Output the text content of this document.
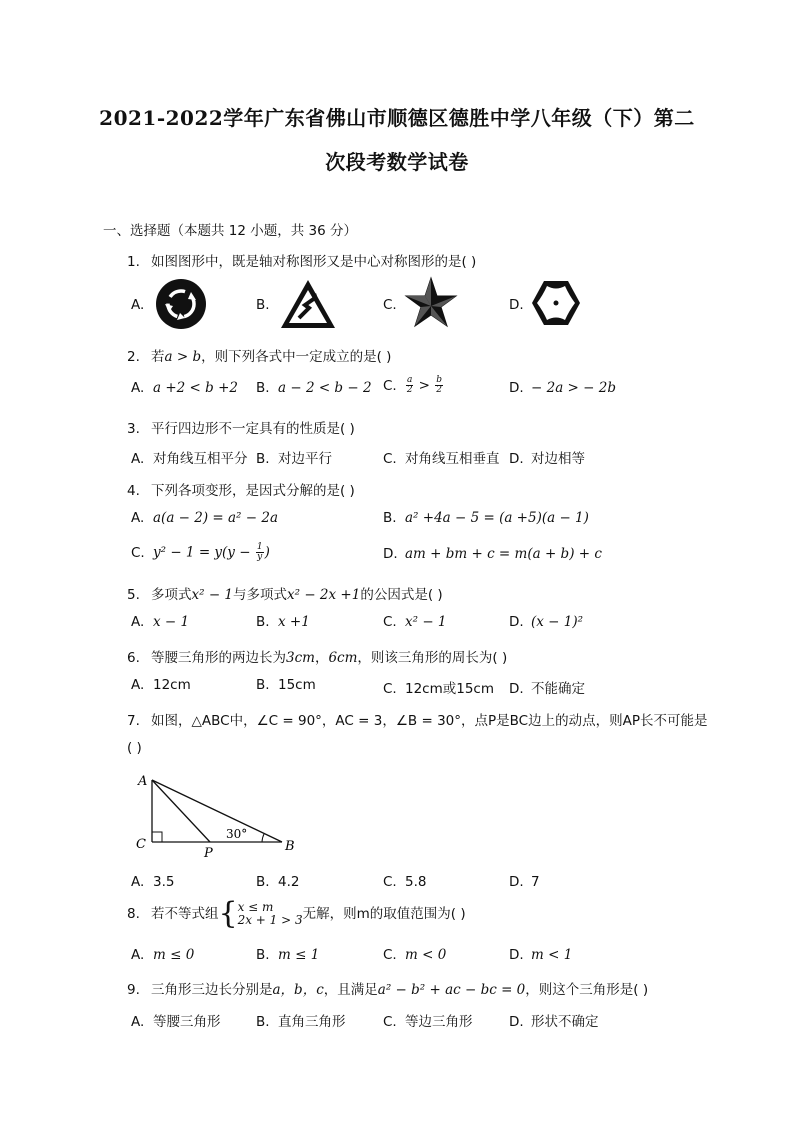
2021-2022学年广东省佛山市顺德区德胜中学八年级（下）第二
次段考数学试卷
一、选择题（本题共 12 小题，共 36 分）
1. 如图图形中，既是轴对称图形又是中心对称图形的是( )
A.	B.	C.	D.
2. 若a > b，则下列各式中一定成立的是( )
A. a +2 < b +2 B. a − 2 < b − 2 C. $\frac{a}{2} > \frac{b}{2}$	D. − 2a > − 2b
3. 平行四边形不一定具有的性质是( )
A. 对角线互相平分 B. 对边平行	C. 对角线互相垂直 D. 对边相等
4. 下列各项变形，是因式分解的是( )
A. a(a − 2) = a² − 2a	B. a² +4a − 5 = (a +5)(a − 1)
C. $y^2 - 1 = y(y - \frac{1}{y}$ )	D. am + bm + c = m(a + b) + c
5. 多项式x² − 1与多项式x² − 2x +1的公因式是( )
A. x − 1	B. x +1	C. x² − 1	D. (x − 1)²
6. 等腰三角形的两边长为3cm，6cm，则该三角形的周长为( )
A. 12cm	B. 15cm	C. 12cm或15cm D. 不能确定
7. 如图，△ABC中，∠C = 90°，AC = 3，∠B = 30°，点P是BC边上的动点，则AP长不可能是
( )
A
C
P	B
30°
A. 3.5	B. 4.2	C. 5.8	D. 7
8. 若不等式组{ x ≤ m
2x + 1 > 3 无解，则m的取值范围为( )
A. m ≤ 0	B. m ≤ 1	C. m < 0	D. m < 1
9. 三角形三边长分别是a，b，c，且满足a² − b² + ac − bc = 0，则这个三角形是( )
A. 等腰三角形	B. 直角三角形	C. 等边三角形	D. 形状不确定
